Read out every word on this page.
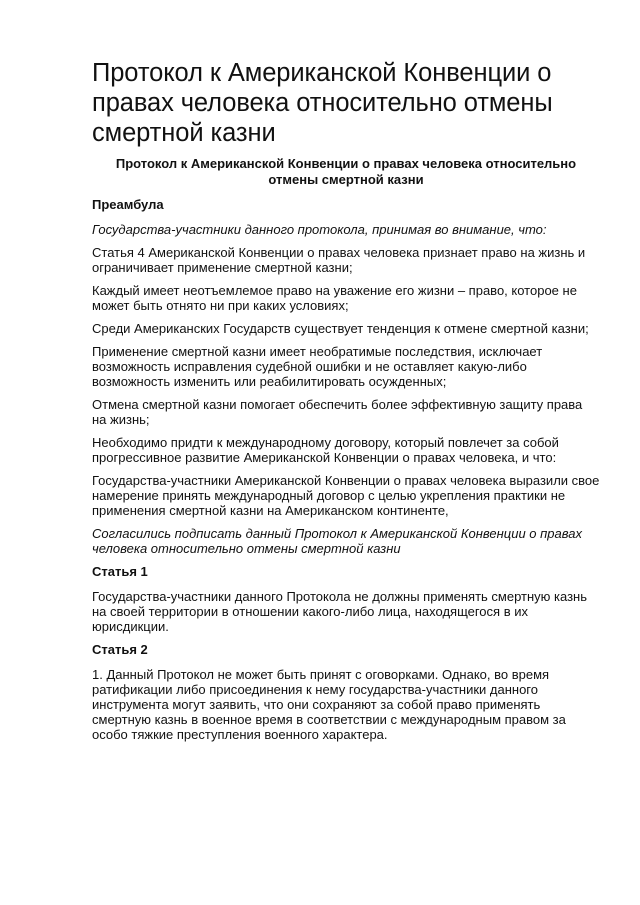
Протокол к Американской Конвенции о правах человека относительно отмены смертной казни
Протокол к Американской Конвенции о правах человека относительно отмены смертной казни
Преамбула

Государства-участники данного протокола, принимая во внимание, что:

Статья 4 Американской Конвенции о правах человека признает право на жизнь и ограничивает применение смертной казни;

Каждый имеет неотъемлемое право на уважение его жизни – право, которое не может быть отнято ни при каких условиях;

Среди Американских Государств существует тенденция к отмене смертной казни;

Применение смертной казни имеет необратимые последствия, исключает возможность исправления судебной ошибки и не оставляет какую-либо возможность изменить или реабилитировать осужденных;

Отмена смертной казни помогает обеспечить более эффективную защиту права на жизнь;

Необходимо придти к международному договору, который повлечет за собой прогрессивное развитие Американской Конвенции о правах человека, и что:

Государства-участники Американской Конвенции о правах человека выразили свое намерение принять международный договор с целью укрепления практики не применения смертной казни на Американском континенте,

Согласились подписать данный Протокол к Американской Конвенции о правах человека относительно отмены смертной казни

Статья 1

Государства-участники данного Протокола не должны применять смертную казнь на своей территории в отношении какого-либо лица, находящегося в их юрисдикции.

Статья 2

1. Данный Протокол не может быть принят с оговорками. Однако, во время ратификации либо присоединения к нему государства-участники данного инструмента могут заявить, что они сохраняют за собой право применять смертную казнь в военное время в соответствии с международным правом за особо тяжкие преступления военного характера.
